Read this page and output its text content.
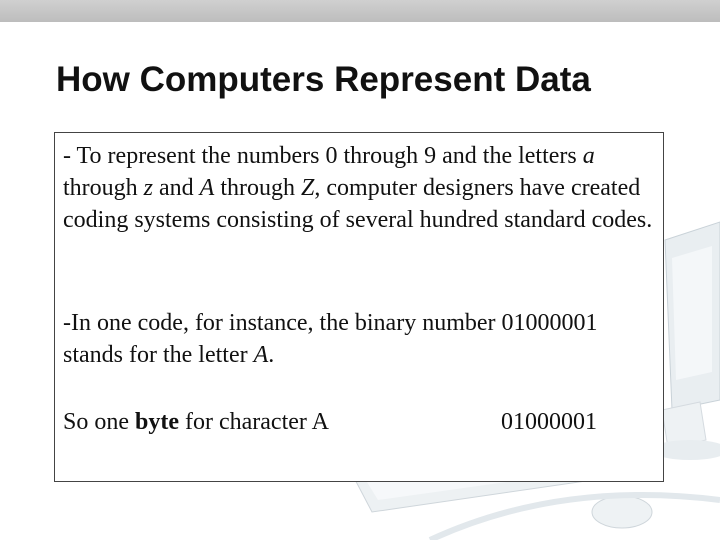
How Computers Represent Data

- To represent the numbers 0 through 9 and the letters a through z and A through Z, computer designers have created coding systems consisting of several hundred standard codes.

-In one code, for instance, the binary number 01000001 stands for the letter A.

So one byte for character A	01000001
